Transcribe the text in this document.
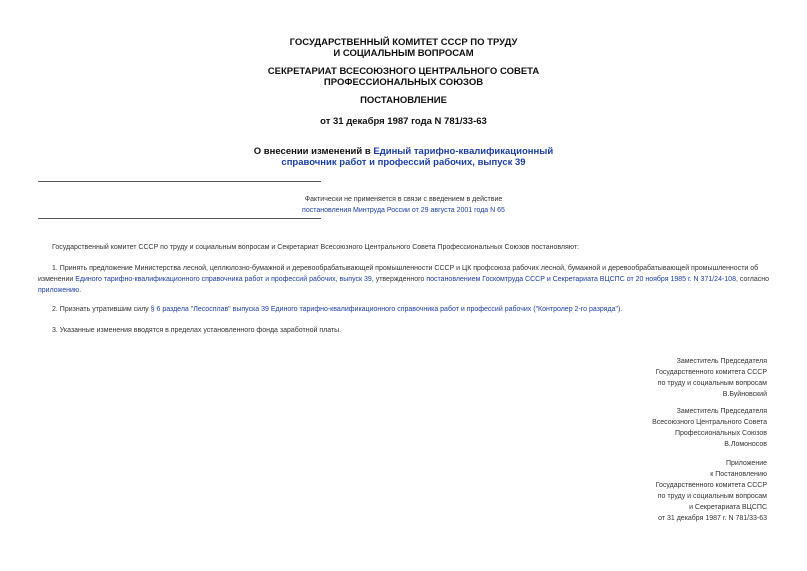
ГОСУДАРСТВЕННЫЙ КОМИТЕТ СССР ПО ТРУДУ
И СОЦИАЛЬНЫМ ВОПРОСАМ
СЕКРЕТАРИАТ ВСЕСОЮЗНОГО ЦЕНТРАЛЬНОГО СОВЕТА
ПРОФЕССИОНАЛЬНЫХ СОЮЗОВ
ПОСТАНОВЛЕНИЕ
от 31 декабря 1987 года N 781/33-63
О внесении изменений в Единый тарифно-квалификационный
справочник работ и профессий рабочих, выпуск 39
Фактически не применяется в связи с введением в действие
постановления Минтруда России от 29 августа 2001 года N 65
Государственный комитет СССР по труду и социальным вопросам и Секретариат Всесоюзного Центрального Совета Профессиональных Союзов постановляют:
1. Принять предложение Министерства лесной, целлюлозно-бумажной и деревообрабатывающей промышленности СССР и ЦК профсоюза рабочих лесной, бумажной и деревообрабатывающей промышленности об изменении Единого тарифно-квалификационного справочника работ и профессий рабочих, выпуск 39, утвержденного постановлением Госкомтруда СССР и Секретариата ВЦСПС от 20 ноября 1985 г. N 371/24-108, согласно приложению.
2. Признать утратившим силу § 6 раздела "Лесосплав" выпуска 39 Единого тарифно-квалификационного справочника работ и профессий рабочих ("Контролер 2-го разряда").
3. Указанные изменения вводятся в пределах установленного фонда заработной платы.
Заместитель Председателя
Государственного комитета СССР
по труду и социальным вопросам
В.Буйновский
Заместитель Председателя
Всесоюзного Центрального Совета
Профессиональных Союзов
В.Ломоносов
Приложение
к Постановлению
Государственного комитета СССР
по труду и социальным вопросам
и Секретариата ВЦСПС
от 31 декабря 1987 г. N 781/33-63
